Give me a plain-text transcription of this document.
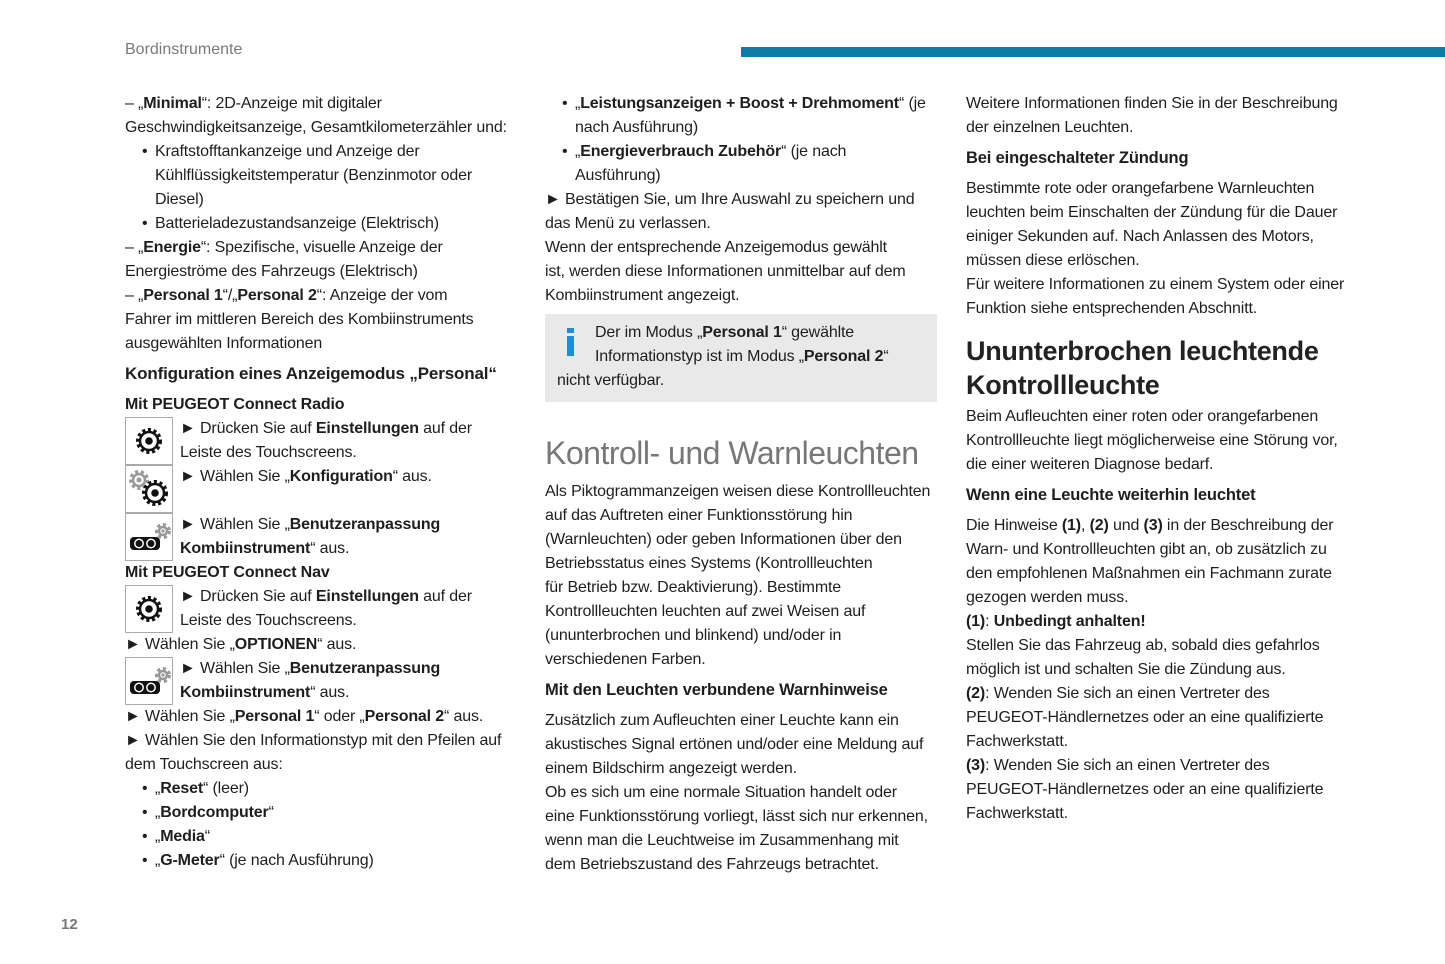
Bordinstrumente
– „Minimal“: 2D-Anzeige mit digitaler
Geschwindigkeitsanzeige, Gesamtkilometerzähler und:
• Kraftstofftankanzeige und Anzeige der
Kühlflüssigkeitstemperatur (Benzinmotor oder
Diesel)
• Batterieladezustandsanzeige (Elektrisch)
– „Energie“: Spezifische, visuelle Anzeige der
Energieströme des Fahrzeugs (Elektrisch)
– „Personal 1“/„Personal 2“: Anzeige der vom
Fahrer im mittleren Bereich des Kombiinstruments
ausgewählten Informationen
Konfiguration eines Anzeigemodus „Personal“
Mit PEUGEOT Connect Radio
► Drücken Sie auf Einstellungen auf der
Leiste des Touchscreens.
► Wählen Sie „Konfiguration“ aus.
► Wählen Sie „Benutzeranpassung
Kombiinstrument“ aus.
Mit PEUGEOT Connect Nav
► Drücken Sie auf Einstellungen auf der
Leiste des Touchscreens.
► Wählen Sie „OPTIONEN“ aus.
► Wählen Sie „Benutzeranpassung
Kombiinstrument“ aus.
► Wählen Sie „Personal 1“ oder „Personal 2“ aus.
► Wählen Sie den Informationstyp mit den Pfeilen auf
dem Touchscreen aus:
• „Reset“ (leer)
• „Bordcomputer“
• „Media“
• „G-Meter“ (je nach Ausführung)
• „Leistungsanzeigen + Boost + Drehmoment“ (je
nach Ausführung)
• „Energieverbrauch Zubehör“ (je nach
Ausführung)
► Bestätigen Sie, um Ihre Auswahl zu speichern und
das Menü zu verlassen.
Wenn der entsprechende Anzeigemodus gewählt
ist, werden diese Informationen unmittelbar auf dem
Kombiinstrument angezeigt.
Der im Modus „Personal 1“ gewählte
Informationstyp ist im Modus „Personal 2“
nicht verfügbar.
Kontroll- und Warnleuchten
Als Piktogrammanzeigen weisen diese Kontrollleuchten
auf das Auftreten einer Funktionsstörung hin
(Warnleuchten) oder geben Informationen über den
Betriebsstatus eines Systems (Kontrollleuchten
für Betrieb bzw. Deaktivierung). Bestimmte
Kontrollleuchten leuchten auf zwei Weisen auf
(ununterbrochen und blinkend) und/oder in
verschiedenen Farben.
Mit den Leuchten verbundene Warnhinweise
Zusätzlich zum Aufleuchten einer Leuchte kann ein
akustisches Signal ertönen und/oder eine Meldung auf
einem Bildschirm angezeigt werden.
Ob es sich um eine normale Situation handelt oder
eine Funktionsstörung vorliegt, lässt sich nur erkennen,
wenn man die Leuchtweise im Zusammenhang mit
dem Betriebszustand des Fahrzeugs betrachtet.
Weitere Informationen finden Sie in der Beschreibung
der einzelnen Leuchten.
Bei eingeschalteter Zündung
Bestimmte rote oder orangefarbene Warnleuchten
leuchten beim Einschalten der Zündung für die Dauer
einiger Sekunden auf. Nach Anlassen des Motors,
müssen diese erlöschen.
Für weitere Informationen zu einem System oder einer
Funktion siehe entsprechenden Abschnitt.
Ununterbrochen leuchtende
Kontrollleuchte
Beim Aufleuchten einer roten oder orangefarbenen
Kontrollleuchte liegt möglicherweise eine Störung vor,
die einer weiteren Diagnose bedarf.
Wenn eine Leuchte weiterhin leuchtet
Die Hinweise (1), (2) und (3) in der Beschreibung der
Warn- und Kontrollleuchten gibt an, ob zusätzlich zu
den empfohlenen Maßnahmen ein Fachmann zurate
gezogen werden muss.
(1): Unbedingt anhalten!
Stellen Sie das Fahrzeug ab, sobald dies gefahrlos
möglich ist und schalten Sie die Zündung aus.
(2): Wenden Sie sich an einen Vertreter des
PEUGEOT-Händlernetzes oder an eine qualifizierte
Fachwerkstatt.
(3): Wenden Sie sich an einen Vertreter des
PEUGEOT-Händlernetzes oder an eine qualifizierte
Fachwerkstatt.
12
